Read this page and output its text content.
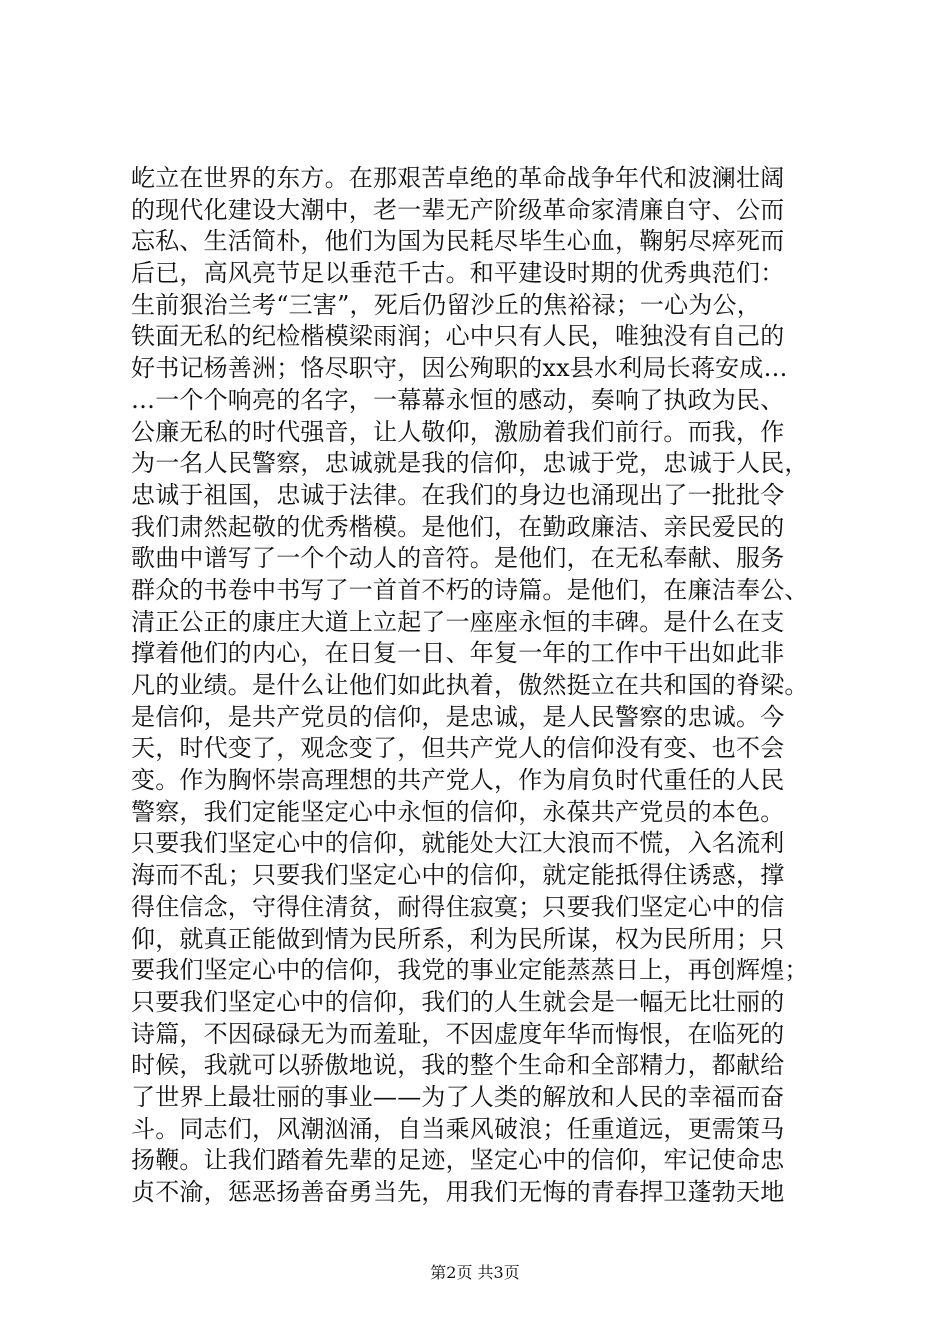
屹立在世界的东方。在那艰苦卓绝的革命战争年代和波澜壮阔
的现代化建设大潮中，老一辈无产阶级革命家清廉自守、公而
忘私、生活简朴，他们为国为民耗尽毕生心血，鞠躬尽瘁死而
后已，高风亮节足以垂范千古。和平建设时期的优秀典范们：
生前狠治兰考“三害”，死后仍留沙丘的焦裕禄；一心为公，
铁面无私的纪检楷模梁雨润；心中只有人民，唯独没有自己的
好书记杨善洲；恪尽职守，因公殉职的xx县水利局长蒋安成…
…一个个响亮的名字，一幕幕永恒的感动，奏响了执政为民、
公廉无私的时代强音，让人敬仰，激励着我们前行。而我，作
为一名人民警察，忠诚就是我的信仰，忠诚于党，忠诚于人民，
忠诚于祖国，忠诚于法律。在我们的身边也涌现出了一批批令
我们肃然起敬的优秀楷模。是他们，在勤政廉洁、亲民爱民的
歌曲中谱写了一个个动人的音符。是他们，在无私奉献、服务
群众的书卷中书写了一首首不朽的诗篇。是他们，在廉洁奉公、
清正公正的康庄大道上立起了一座座永恒的丰碑。是什么在支
撑着他们的内心，在日复一日、年复一年的工作中干出如此非
凡的业绩。是什么让他们如此执着，傲然挺立在共和国的脊梁。
是信仰，是共产党员的信仰，是忠诚，是人民警察的忠诚。今
天，时代变了，观念变了，但共产党人的信仰没有变、也不会
变。作为胸怀崇高理想的共产党人，作为肩负时代重任的人民
警察，我们定能坚定心中永恒的信仰，永葆共产党员的本色。
只要我们坚定心中的信仰，就能处大江大浪而不慌，入名流利
海而不乱；只要我们坚定心中的信仰，就定能抵得住诱惑，撑
得住信念，守得住清贫，耐得住寂寞；只要我们坚定心中的信
仰，就真正能做到情为民所系，利为民所谋，权为民所用；只
要我们坚定心中的信仰，我党的事业定能蒸蒸日上，再创辉煌；
只要我们坚定心中的信仰，我们的人生就会是一幅无比壮丽的
诗篇，不因碌碌无为而羞耻，不因虚度年华而悔恨，在临死的
时候，我就可以骄傲地说，我的整个生命和全部精力，都献给
了世界上最壮丽的事业——为了人类的解放和人民的幸福而奋
斗。同志们，风潮汹涌，自当乘风破浪；任重道远，更需策马
扬鞭。让我们踏着先辈的足迹，坚定心中的信仰，牢记使命忠
贞不渝，惩恶扬善奋勇当先，用我们无悔的青春捍卫蓬勃天地
第2页 共3页
